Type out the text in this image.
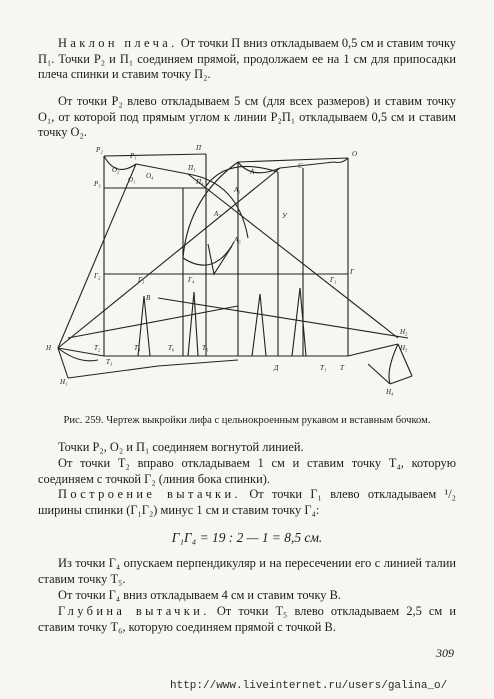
Наклон плеча. От точки П вниз откладываем 0,5 см и ставим точку П₁. Точки Р₂ и П₁ соединяем прямой, продолжаем ее на 1 см для припосадки плеча спинки и ставим точку П₂.

От точки Р₂ влево откладываем 5 см (для всех размеров) и ставим точку О₁, от которой под прямым углом к линии Р₂П₁ откладываем 0,5 см и ставим точку О₂.

Р₂
Р₁
П
П₁
Р₃	О₁
О₂
О₄
П₄
А
А₁
А₂
А₃
О
Г₂	Г₃	Г₄
Г
Г₁
В
Т
Т₁
Т₂
Т₃
Т₄	Т₅
Т₆
Н
Н₁
Н₂
Н₃
Н₄
Д
С
У

Рис. 259. Чертеж выкройки лифа с цельнокроенным рукавом и вставным бочком.

Точки Р₂, О₂ и П₁ соединяем вогнутой линией.

От точки Т₂ вправо откладываем 1 см и ставим точку Т₄, которую соединяем с точкой Г₂ (линия бока спинки).

Построение вытачки. От точки Г₁ влево откладываем ¹/₂ ширины спинки (Г₁Г₂) минус 1 см и ставим точку Г₄:

Г₁Г₄ = 19 : 2 — 1 = 8,5 см.

Из точки Г₄ опускаем перпендикуляр и на пересечении его с линией талии ставим точку Т₅.

От точки Г₄ вниз откладываем 4 см и ставим точку В.

Глубина вытачки. От точки Т₅ влево откладываем 2,5 см и ставим точку Т₆, которую соединяем прямой с точкой В.

309
http://www.liveinternet.ru/users/galina_o/
